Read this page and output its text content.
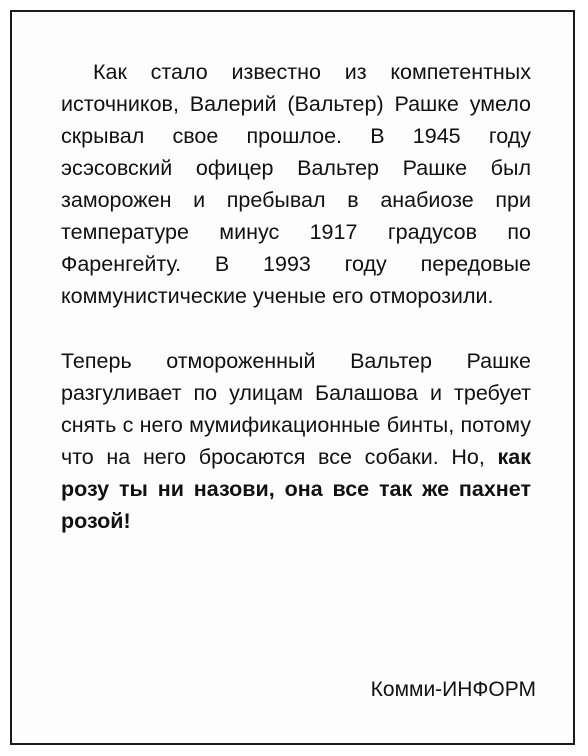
Как стало известно из компетентных источников, Валерий (Вальтер) Рашке умело скрывал свое прошлое. В 1945 году эсэсовский офицер Вальтер Рашке был заморожен и пребывал в анабиозе при температуре минус 1917 градусов по Фаренгейту. В 1993 году передовые коммунистические ученые его отморозили.

Теперь отмороженный Вальтер Рашке разгуливает по улицам Балашова и требует снять с него мумификационные бинты, потому что на него бросаются все собаки. Но, как розу ты ни назови, она все так же пахнет розой!

Комми-ИНФОРМ
